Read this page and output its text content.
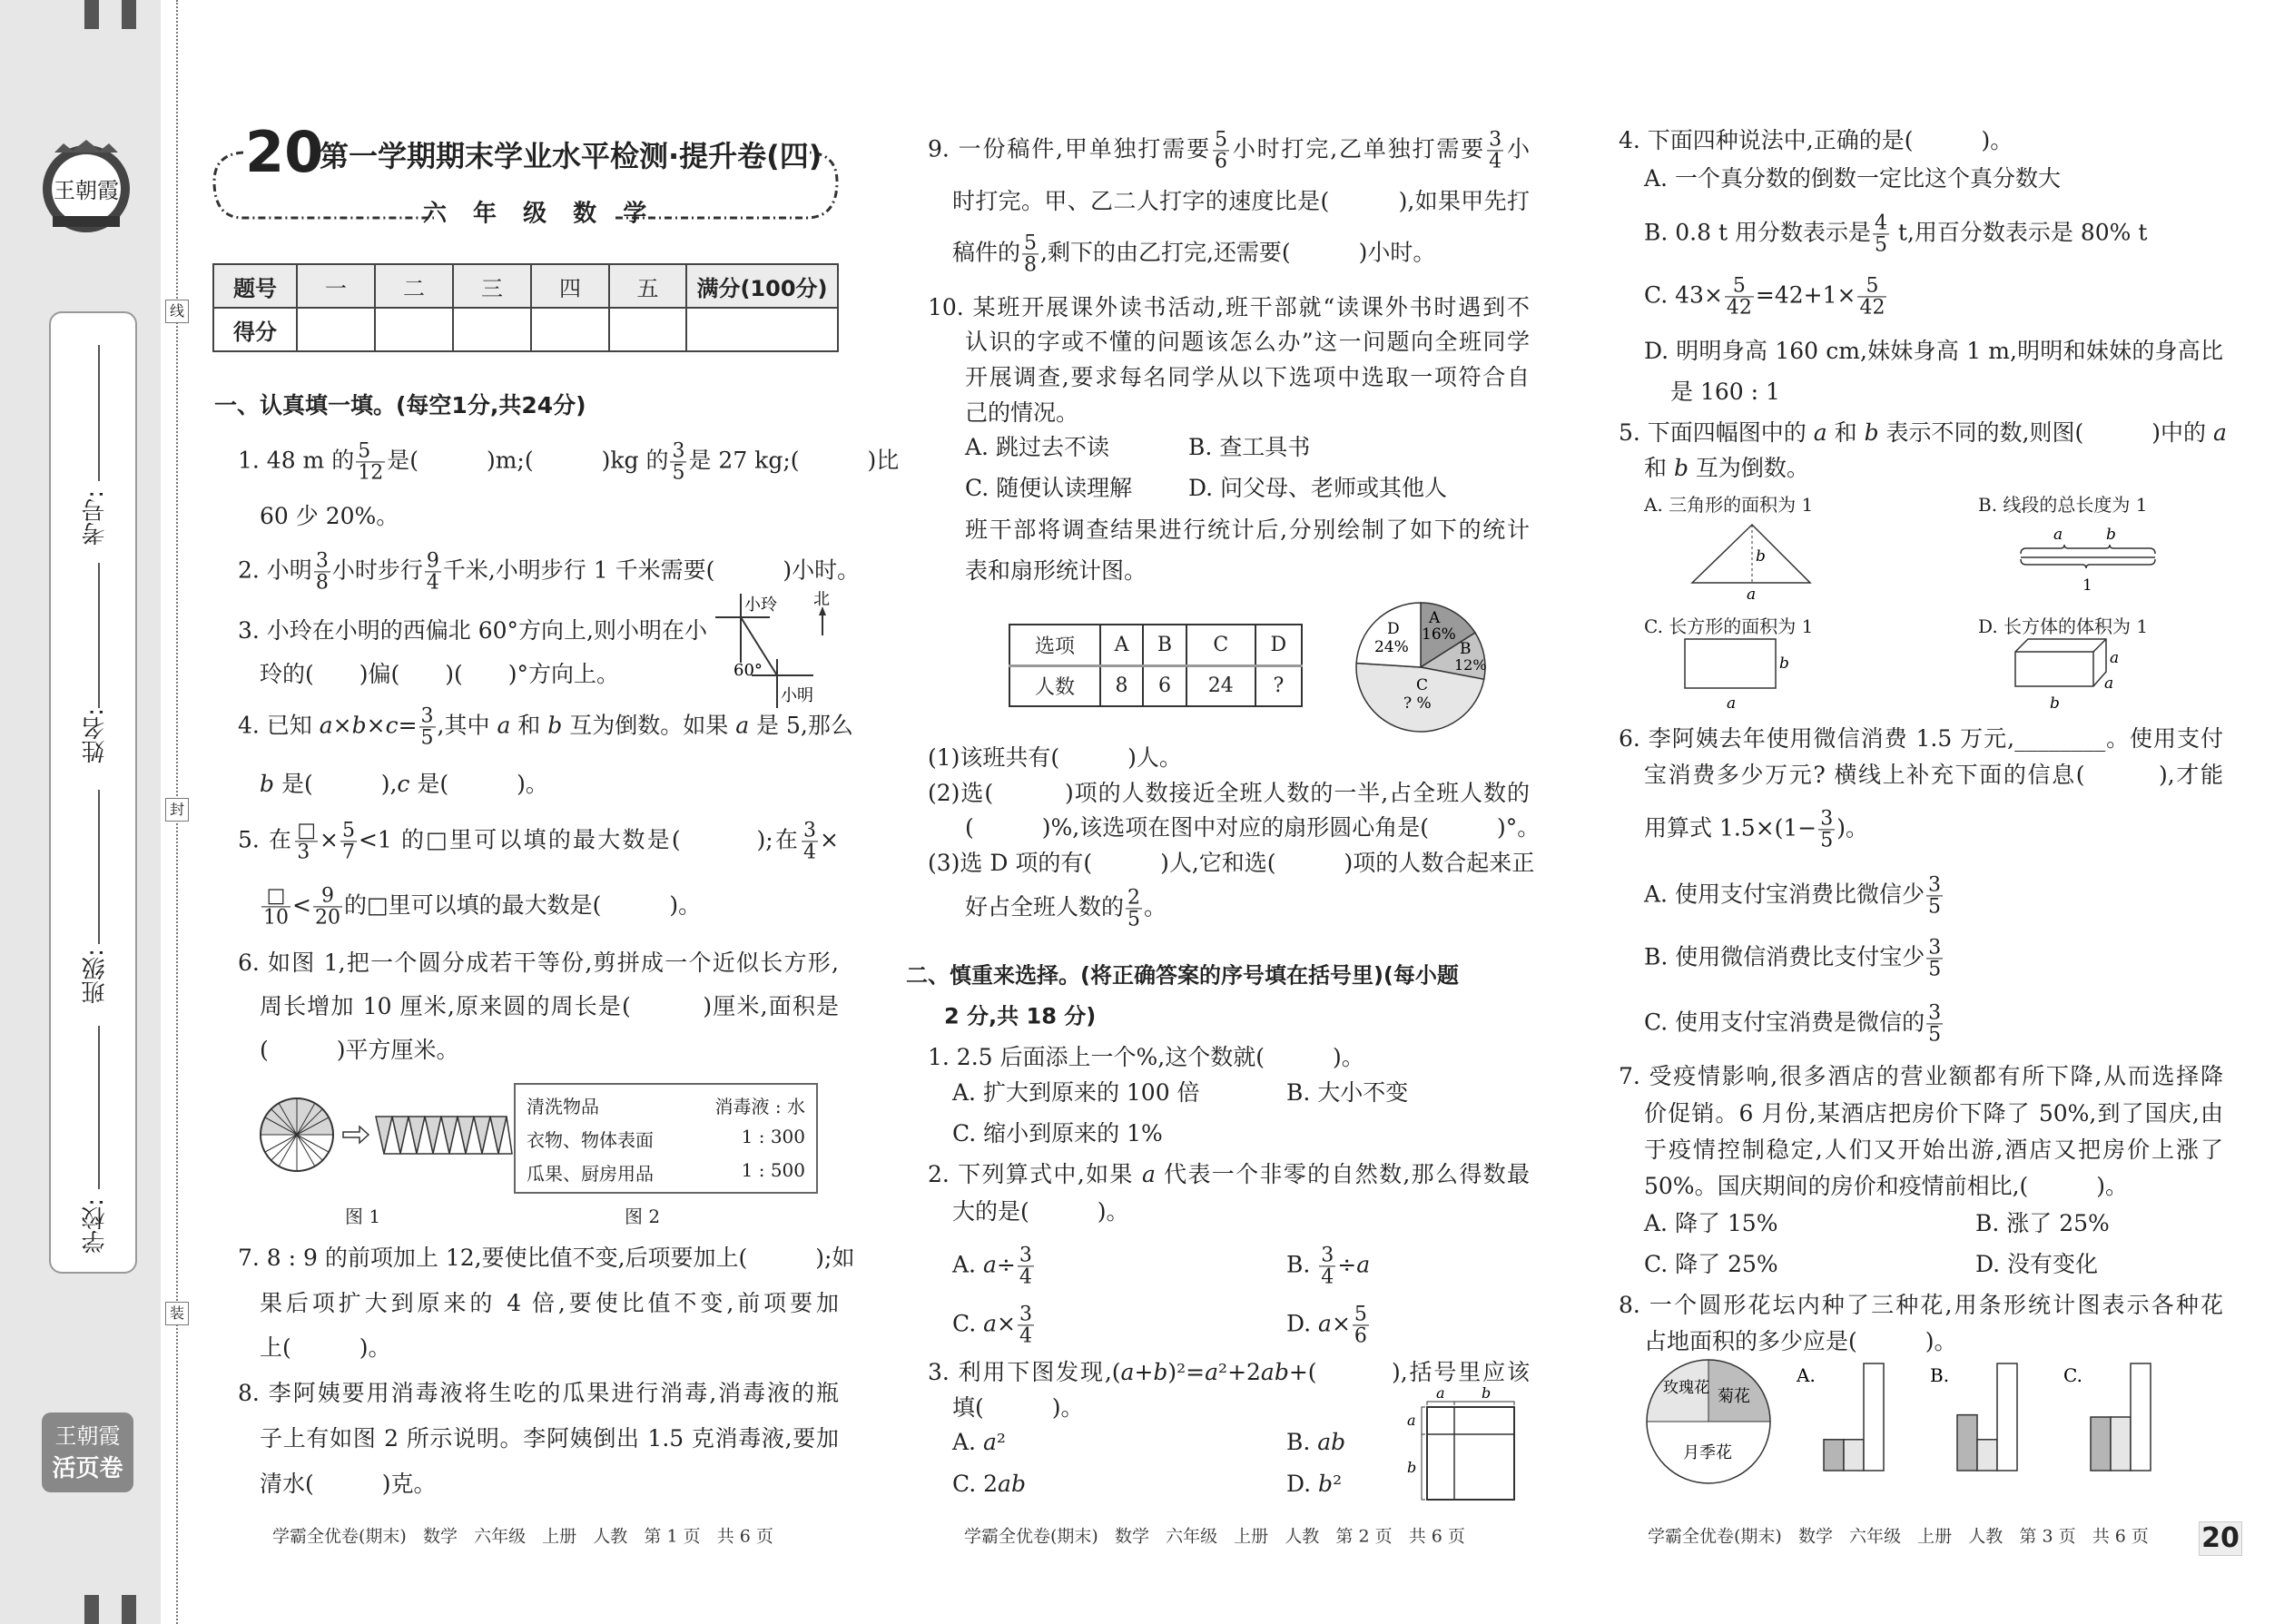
王朝霞
考号:
姓名:
班级:
学校:
王朝霞
活页卷
线
封
装
20
第一学期期末学业水平检测·提升卷(四)
六 年 级 数 学
题号	一	二	三	四	五	满分(100分)
得分						
一、认真填一填。(每空1分,共24分)
1. 48 m 的 $\frac{5}{12}$ 是(　　　)m;(　　　)kg 的 $\frac{3}{5}$ 是 27 kg;(　　　)比
60 少 20%。
2. 小明 $\frac{3}{8}$ 小时步行 $\frac{9}{4}$ 千米,小明步行 1 千米需要(　　　)小时。
3. 小玲在小明的西偏北 60°方向上,则小明在小
玲的(　　)偏(　　)(　　)°方向上。
小玲 北
60°
小明
4. 已知 $a\times b\times c= \frac{3}{5}$ ,其中 a 和 b 互为倒数。如果 a 是 5,那么
b 是(　　　),c 是(　　　)。
5. 在 $\frac{□}{3} \times \frac{5}{7} <1$ 的□里可以填的最大数是(　　　);在 $\frac{3}{4}$ ×
$\frac{□}{10} < \frac{9}{20}$ 的□里可以填的最大数是(　　　)。
6. 如图 1,把一个圆分成若干等份,剪拼成一个近似长方形,
周长增加 10 厘米,原来圆的周长是(　　　)厘米,面积是
(　　　)平方厘米。
清洗物品	消毒液 : 水
衣物、物体表面	1 : 300
瓜果、厨房用品	1 : 500
图 1	图 2
7. 8 : 9 的前项加上 12,要使比值不变,后项要加上(　　　);如
果后项扩大到原来的 4 倍,要使比值不变,前项要加
上(　　　)。
8. 李阿姨要用消毒液将生吃的瓜果进行消毒,消毒液的瓶
子上有如图 2 所示说明。李阿姨倒出 1.5 克消毒液,要加
清水(　　　)克。
学霸全优卷(期末)   数学   六年级   上册   人教   第 1 页   共 6 页
9. 一份稿件,甲单独打需要 $\frac{5}{6}$ 小时打完,乙单独打需要 $\frac{3}{4}$ 小
时打完。甲、乙二人打字的速度比是(　　　),如果甲先打
稿件的 $\frac{5}{8}$ ,剩下的由乙打完,还需要(　　　)小时。
10. 某班开展课外读书活动,班干部就“读课外书时遇到不
认识的字或不懂的问题该怎么办”这一问题向全班同学
开展调查,要求每名同学从以下选项中选取一项符合自
己的情况。
A. 跳过去不读	B. 查工具书
C. 随便认读理解 D. 问父母、老师或其他人
班干部将调查结果进行统计后,分别绘制了如下的统计
表和扇形统计图。
选项	A	B	C	D
人数	8	6	24	?
A
16%
B
12%
C
? %
D
24%
(1)该班共有(　　　)人。
(2)选(　　　)项的人数接近全班人数的一半,占全班人数的
(　　　)%,该选项在图中对应的扇形圆心角是(　　　)°。
(3)选 D 项的有(　　　)人,它和选(　　　)项的人数合起来正
好占全班人数的 $\frac{2}{5}$ 。
二、慎重来选择。(将正确答案的序号填在括号里)(每小题
2 分,共 18 分)
1. 2.5 后面添上一个%,这个数就(　　　)。
A. 扩大到原来的 100 倍	B. 大小不变
C. 缩小到原来的 1%
2. 下列算式中,如果 a 代表一个非零的自然数,那么得数最
大的是(　　　)。
A. $a\div \frac{3}{4}$	B. $\frac{3}{4} \div a$
C. $a\times \frac{3}{4}$	D. $a\times \frac{5}{6}$
3. 利用下图发现,(a+b)²=a²+2ab+(　　　),括号里应该
填(　　　)。
A. a²	B. ab
C. 2ab	D. b²
a	b
a
b
学霸全优卷(期末)   数学   六年级   上册   人教   第 2 页   共 6 页
4. 下面四种说法中,正确的是(　　　)。
A. 一个真分数的倒数一定比这个真分数大
B. 0.8 t 用分数表示是 $\frac{4}{5} t$,用百分数表示是 80% t
C. $43\times \frac{5}{42} =42+1\times \frac{5}{42}$
D. 明明身高 160 cm,妹妹身高 1 m,明明和妹妹的身高比
是 160 : 1
5. 下面四幅图中的 a 和 b 表示不同的数,则图(　　　)中的 a
和 b 互为倒数。
A. 三角形的面积为 1	B. 线段的总长度为 1
C. 长方形的面积为 1	D. 长方体的体积为 1
b
a
a	b
1
b
a
a
a
b
6. 李阿姨去年使用微信消费 1.5 万元,________。使用支付
宝消费多少万元? 横线上补充下面的信息(　　　),才能
用算式 $1.5\times(1- \frac{3}{5}$ )。
A. 使用支付宝消费比微信少 $\frac{3}{5}$
B. 使用微信消费比支付宝少 $\frac{3}{5}$
C. 使用支付宝消费是微信的 $\frac{3}{5}$
7. 受疫情影响,很多酒店的营业额都有所下降,从而选择降
价促销。6 月份,某酒店把房价下降了 50%,到了国庆,由
于疫情控制稳定,人们又开始出游,酒店又把房价上涨了
50%。国庆期间的房价和疫情前相比,(　　　)。
A. 降了 15%	B. 涨了 25%
C. 降了 25%	D. 没有变化
8. 一个圆形花坛内种了三种花,用条形统计图表示各种花
占地面积的多少应是(　　　)。
玫瑰花 菊花
月季花
A.	B.	C.
学霸全优卷(期末)   数学   六年级   上册   人教   第 3 页   共 6 页 20
